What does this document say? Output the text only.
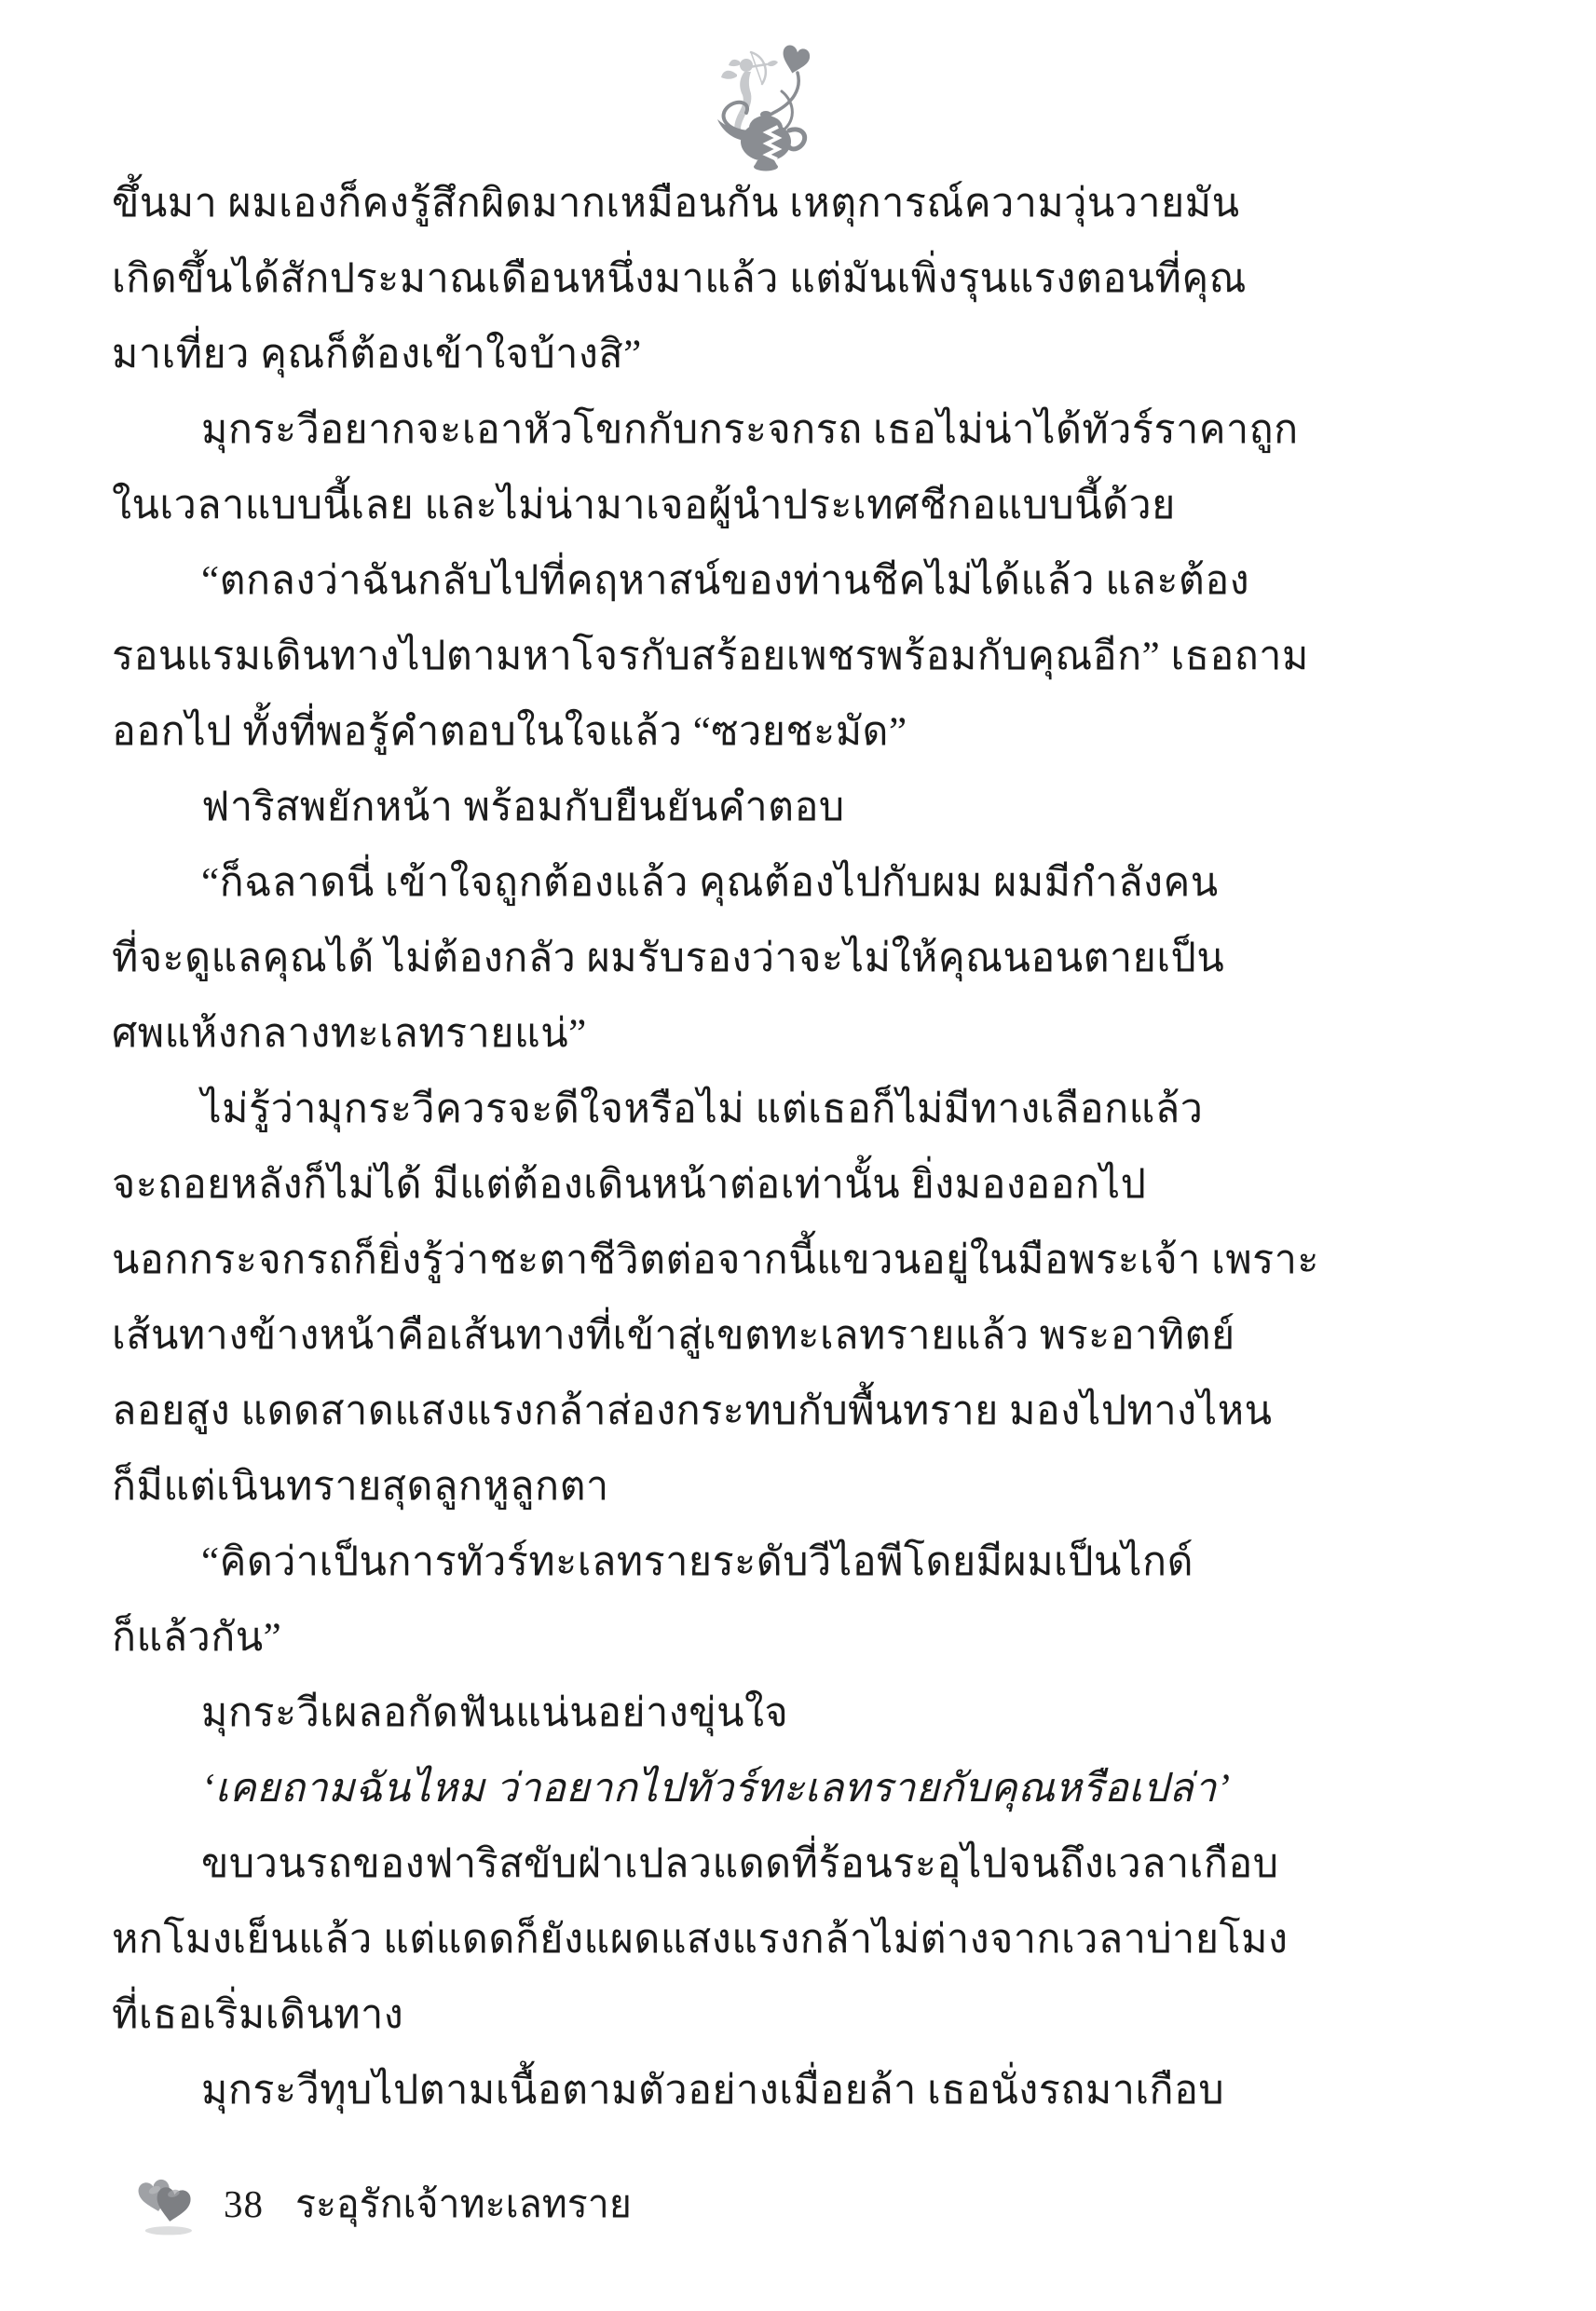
ขึ้นมา ผมเองก็คงรู้สึกผิดมากเหมือนกัน เหตุการณ์ความวุ่นวายมัน
เกิดขึ้นได้สักประมาณเดือนหนึ่งมาแล้ว แต่มันเพิ่งรุนแรงตอนที่คุณ
มาเที่ยว คุณก็ต้องเข้าใจบ้างสิ”
มุกระวีอยากจะเอาหัวโขกกับกระจกรถ เธอไม่น่าได้ทัวร์ราคาถูก
ในเวลาแบบนี้เลย และไม่น่ามาเจอผู้นำประเทศชีกอแบบนี้ด้วย
“ตกลงว่าฉันกลับไปที่คฤหาสน์ของท่านชีคไม่ได้แล้ว และต้อง
รอนแรมเดินทางไปตามหาโจรกับสร้อยเพชรพร้อมกับคุณอีก” เธอถาม
ออกไป ทั้งที่พอรู้คำตอบในใจแล้ว “ซวยชะมัด”
ฟาริสพยักหน้า พร้อมกับยืนยันคำตอบ
“ก็ฉลาดนี่ เข้าใจถูกต้องแล้ว คุณต้องไปกับผม ผมมีกำลังคน
ที่จะดูแลคุณได้ ไม่ต้องกลัว ผมรับรองว่าจะไม่ให้คุณนอนตายเป็น
ศพแห้งกลางทะเลทรายแน่”
ไม่รู้ว่ามุกระวีควรจะดีใจหรือไม่ แต่เธอก็ไม่มีทางเลือกแล้ว
จะถอยหลังก็ไม่ได้ มีแต่ต้องเดินหน้าต่อเท่านั้น ยิ่งมองออกไป
นอกกระจกรถก็ยิ่งรู้ว่าชะตาชีวิตต่อจากนี้แขวนอยู่ในมือพระเจ้า เพราะ
เส้นทางข้างหน้าคือเส้นทางที่เข้าสู่เขตทะเลทรายแล้ว พระอาทิตย์
ลอยสูง แดดสาดแสงแรงกล้าส่องกระทบกับพื้นทราย มองไปทางไหน
ก็มีแต่เนินทรายสุดลูกหูลูกตา
“คิดว่าเป็นการทัวร์ทะเลทรายระดับวีไอพีโดยมีผมเป็นไกด์
ก็แล้วกัน”
มุกระวีเผลอกัดฟันแน่นอย่างขุ่นใจ
‘เคยถามฉันไหม ว่าอยากไปทัวร์ทะเลทรายกับคุณหรือเปล่า’
ขบวนรถของฟาริสขับฝ่าเปลวแดดที่ร้อนระอุไปจนถึงเวลาเกือบ
หกโมงเย็นแล้ว แต่แดดก็ยังแผดแสงแรงกล้าไม่ต่างจากเวลาบ่ายโมง
ที่เธอเริ่มเดินทาง
มุกระวีทุบไปตามเนื้อตามตัวอย่างเมื่อยล้า เธอนั่งรถมาเกือบ
38 ระอุรักเจ้าทะเลทราย
